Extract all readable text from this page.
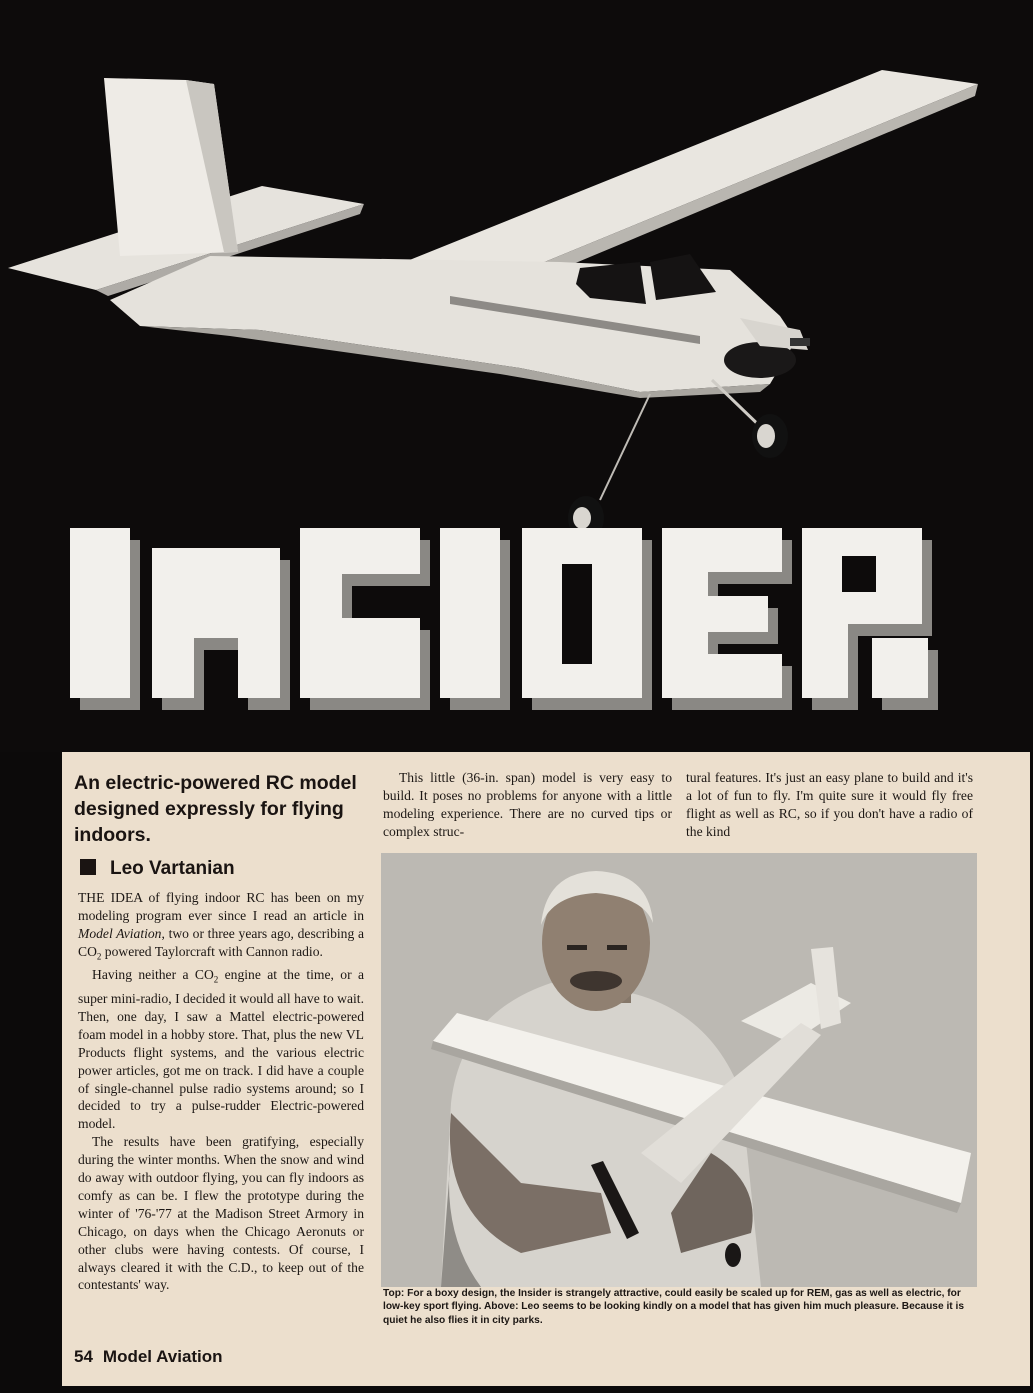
An electric-powered RC model designed expressly for flying indoors.
Leo Vartanian

THE IDEA of flying indoor RC has been on my modeling program ever since I read an article in Model Aviation, two or three years ago, describing a $CO_2$ powered Taylorcraft with Cannon radio.

Having neither a $CO_2$ engine at the time, or a super mini-radio, I decided it would all have to wait. Then, one day, I saw a Mattel electric-powered foam model in a hobby store. That, plus the new VL Products flight systems, and the various electric power articles, got me on track. I did have a couple of single-channel pulse radio systems around; so I decided to try a pulse-rudder Electric-powered model.

The results have been gratifying, especially during the winter months. When the snow and wind do away with outdoor flying, you can fly indoors as comfy as can be. I flew the prototype during the winter of '76-'77 at the Madison Street Armory in Chicago, on days when the Chicago Aeronuts or other clubs were having contests. Of course, I always cleared it with the C.D., to keep out of the contestants' way.

This little (36-in. span) model is very easy to build. It poses no problems for anyone with a little modeling experience. There are no curved tips or complex struc-
tural features. It's just an easy plane to build and it's a lot of fun to fly. I'm quite sure it would fly free flight as well as RC, so if you don't have a radio of the kind
Top: For a boxy design, the Insider is strangely attractive, could easily be scaled up for REM, gas as well as electric, for low-key sport flying. Above: Leo seems to be looking kindly on a model that has given him much pleasure. Because it is quiet he also flies it in city parks.
54 Model Aviation
